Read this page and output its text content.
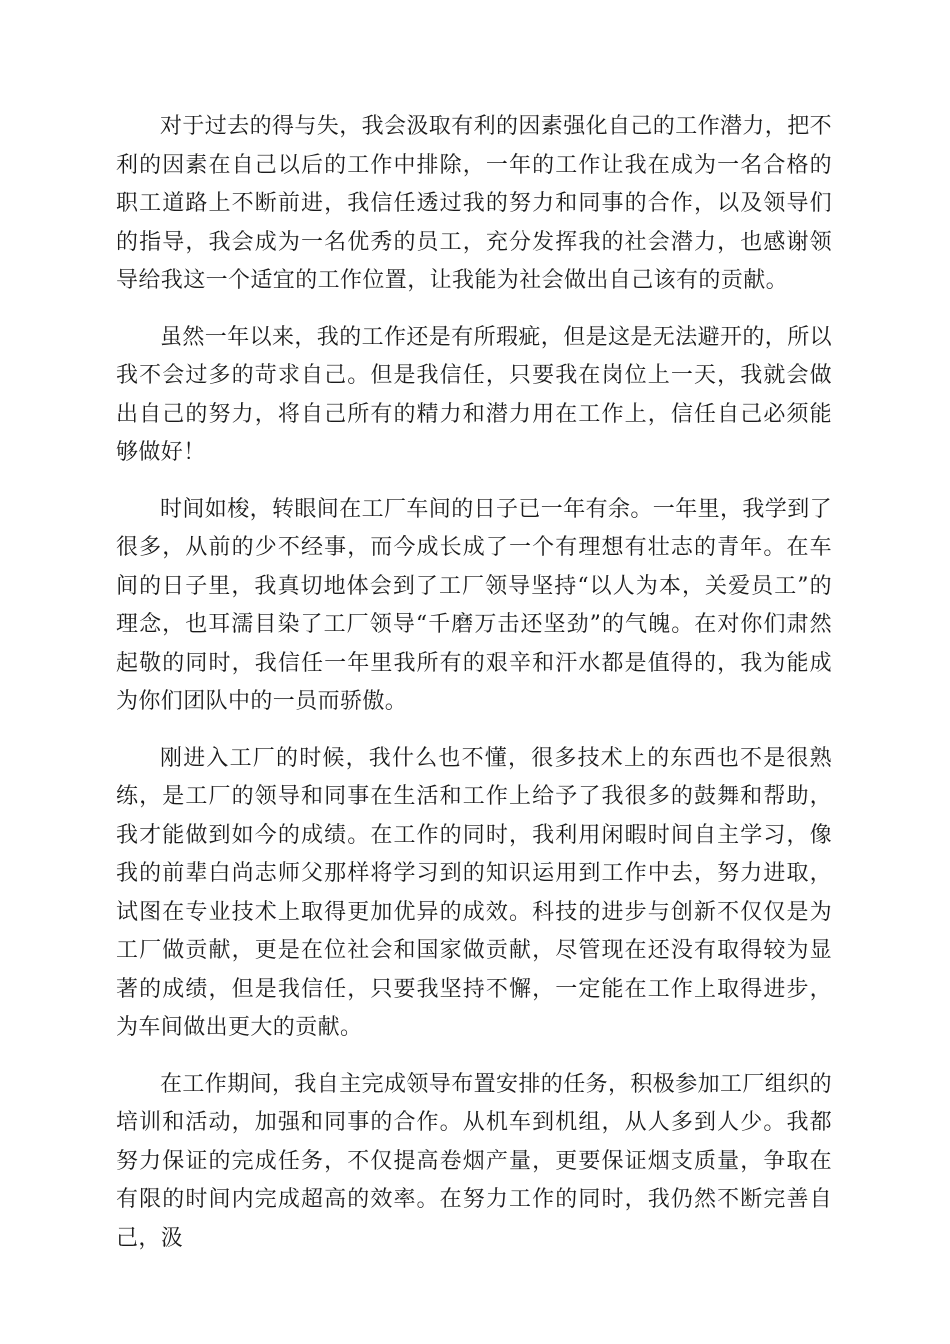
对于过去的得与失，我会汲取有利的因素强化自己的工作潜力，把不利的因素在自己以后的工作中排除，一年的工作让我在成为一名合格的职工道路上不断前进，我信任透过我的努力和同事的合作，以及领导们的指导，我会成为一名优秀的员工，充分发挥我的社会潜力，也感谢领导给我这一个适宜的工作位置，让我能为社会做出自己该有的贡献。

虽然一年以来，我的工作还是有所瑕疵，但是这是无法避开的，所以我不会过多的苛求自己。但是我信任，只要我在岗位上一天，我就会做出自己的努力，将自己所有的精力和潜力用在工作上，信任自己必须能够做好！

时间如梭，转眼间在工厂车间的日子已一年有余。一年里，我学到了很多，从前的少不经事，而今成长成了一个有理想有壮志的青年。在车间的日子里，我真切地体会到了工厂领导坚持“以人为本，关爱员工”的理念，也耳濡目染了工厂领导“千磨万击还坚劲”的气魄。在对你们肃然起敬的同时，我信任一年里我所有的艰辛和汗水都是值得的，我为能成为你们团队中的一员而骄傲。

刚进入工厂的时候，我什么也不懂，很多技术上的东西也不是很熟练，是工厂的领导和同事在生活和工作上给予了我很多的鼓舞和帮助，我才能做到如今的成绩。在工作的同时，我利用闲暇时间自主学习，像我的前辈白尚志师父那样将学习到的知识运用到工作中去，努力进取，试图在专业技术上取得更加优异的成效。科技的进步与创新不仅仅是为工厂做贡献，更是在位社会和国家做贡献，尽管现在还没有取得较为显著的成绩，但是我信任，只要我坚持不懈，一定能在工作上取得进步，为车间做出更大的贡献。

在工作期间，我自主完成领导布置安排的任务，积极参加工厂组织的培训和活动，加强和同事的合作。从机车到机组，从人多到人少。我都努力保证的完成任务，不仅提高卷烟产量，更要保证烟支质量，争取在有限的时间内完成超高的效率。在努力工作的同时，我仍然不断完善自己，汲
